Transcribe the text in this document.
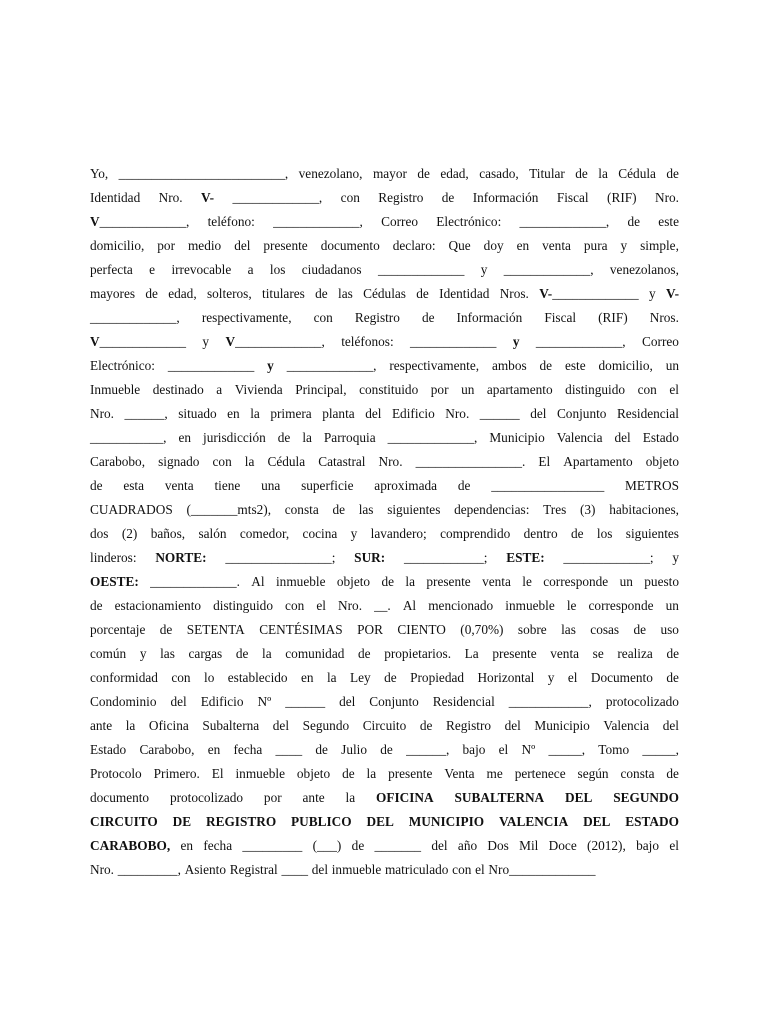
Yo, _________________________, venezolano, mayor de edad, casado, Titular de la Cédula de
Identidad Nro. V- _____________, con Registro de Información Fiscal (RIF) Nro.
V_____________, teléfono: _____________, Correo Electrónico: _____________, de este
domicilio, por medio del presente documento declaro: Que doy en venta pura y simple,
perfecta e irrevocable a los ciudadanos _____________ y _____________, venezolanos,
mayores de edad, solteros, titulares de las Cédulas de Identidad Nros. V-_____________ y V-
_____________, respectivamente, con Registro de Información Fiscal (RIF) Nros.
V_____________ y V_____________, teléfonos: _____________ y _____________, Correo
Electrónico: _____________ y _____________, respectivamente, ambos de este domicilio, un
Inmueble destinado a Vivienda Principal, constituido por un apartamento distinguido con el
Nro. ______, situado en la primera planta del Edificio Nro. ______ del Conjunto Residencial
___________, en jurisdicción de la Parroquia _____________, Municipio Valencia del Estado
Carabobo, signado con la Cédula Catastral Nro. ________________. El Apartamento objeto
de esta venta tiene una superficie aproximada de _________________ METROS
CUADRADOS (_______mts2), consta de las siguientes dependencias: Tres (3) habitaciones,
dos (2) baños, salón comedor, cocina y lavandero; comprendido dentro de los siguientes
linderos: NORTE: ________________; SUR: ____________; ESTE: _____________; y
OESTE: _____________. Al inmueble objeto de la presente venta le corresponde un puesto
de estacionamiento distinguido con el Nro. __. Al mencionado inmueble le corresponde un
porcentaje de SETENTA CENTÉSIMAS POR CIENTO (0,70%) sobre las cosas de uso
común y las cargas de la comunidad de propietarios. La presente venta se realiza de
conformidad con lo establecido en la Ley de Propiedad Horizontal y el Documento de
Condominio del Edificio Nº ______ del Conjunto Residencial ____________, protocolizado
ante la Oficina Subalterna del Segundo Circuito de Registro del Municipio Valencia del
Estado Carabobo, en fecha ____ de Julio de ______, bajo el Nº _____, Tomo _____,
Protocolo Primero. El inmueble objeto de la presente Venta me pertenece según consta de
documento protocolizado por ante la OFICINA SUBALTERNA DEL SEGUNDO
CIRCUITO DE REGISTRO PUBLICO DEL MUNICIPIO VALENCIA DEL ESTADO
CARABOBO, en fecha _________ (___) de _______ del año Dos Mil Doce (2012), bajo el
Nro. _________, Asiento Registral ____ del inmueble matriculado con el Nro_____________
